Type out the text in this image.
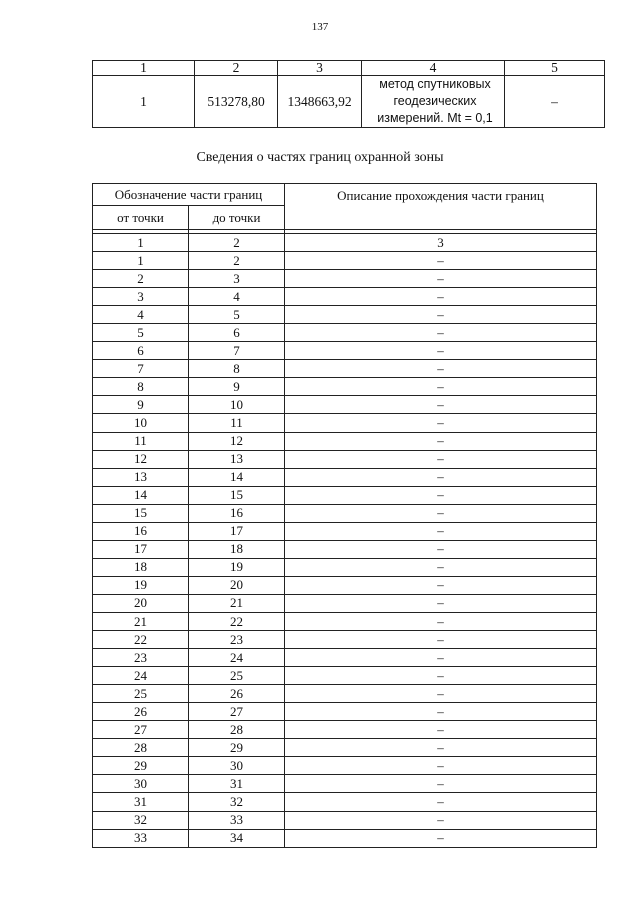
137
1	2	3	4	5
1	513278,80	1348663,92	метод спутниковых
геодезических
измерений. Mt = 0,1	–
Сведения о частях границ охранной зоны
Обозначение части границ		Описание прохождения части границ
от точки	до точки	

1	2	3
1	2	–
2	3	–
3	4	–
4	5	–
5	6	–
6	7	–
7	8	–
8	9	–
9	10	–
10	11	–
11	12	–
12	13	–
13	14	–
14	15	–
15	16	–
16	17	–
17	18	–
18	19	–
19	20	–
20	21	–
21	22	–
22	23	–
23	24	–
24	25	–
25	26	–
26	27	–
27	28	–
28	29	–
29	30	–
30	31	–
31	32	–
32	33	–
33	34	–
